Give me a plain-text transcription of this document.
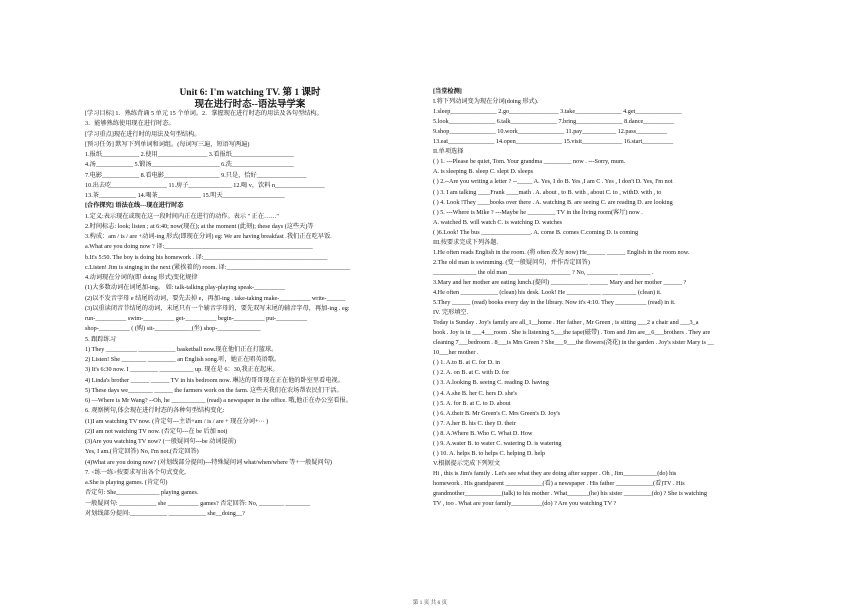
Unit 6: I'm watching TV. 第 1 课时
现在进行时态--语法导学案
[学习目标] 1．熟练背诵 5 单元 15 个单词。2．掌握现在进行时态的用法及各句型结构。
3．能够熟练使用现在进行时态。
[学习重点]现在进行时的用法及句型结构。
[预习任务] 默写下列单词和词组。(每词写三遍，短语写两遍)
1.报纸____________ 2.使用________________ 3.看报纸____________________
4.汤____________ 5.锻汤______________________ 6.洗____________________
7.电影____________ 8.看电影__________________ 9.只是，恰好________________
10.出去吃__________________ 11.房子______________ 12.喝 v，饮料 n________________
13.茶____________ 14.喝茶______________ 15.明天____________________
[合作探究] 语法在线---现在进行时态
1.定义:表示现在或现在这一段时间内正在进行的动作。表示 " 正在……"
2.时间标志: look; listen ; at 6:40; now(现在); at the moment (此刻); these days (这些天)等
3.构成：am / is / are +动词-ing 形式(即现在分词) eg: We are having breakfast .我们正在吃早饭.
a.What are you doing now ? 译:________________________________________________
b.It's 5:50. The boy is doing his homework . 译:________________________________________
c.Listen! Jim is singing in the next (紧挨着的) room. 译:________________________________________
4.动词现在分词的(即 doing 形式)变化规律
(1)大多数动词在词尾加-ing。 如: talk-talking play-playing speak-__________
(2)以不发音字母 e 结尾的动词，要先去掉 e，再加-ing . take-taking make-__________ write-______
(3)以重读闭音节结尾的动词，末尾只有一个辅音字母的，要先双写末尾的辅音字母，再加-ing . eg:
run-__________ swim-__________ get-__________ begin-__________ put-__________
shop-__________ ( (购) sit-____________(坐) shop-______________
5. 跟踪练习
1) They __________ ____________ basketball now.现在他们正在打篮球。
2) Listen! She ________ _________ an English song.听，她正在唱英语歌。
3) It's 6:30 now. I _________ ___________ up. 现在是 6：30,我正在起床。
4) Linda's brother ______ ______ TV in his bedroom now. 琳达的哥哥现在正在他的卧室里看电视。
5) These days we________ ______ the farmers work on the farm. 这些天我们在农场帮农民们干活。
6) —Where is Mr Wang? --Oh, he ___________ (read) a newspaper in the office. 哦,他正在办公室看报。
6. 观察例句,体会现在进行时态的各种句型结构变化:
(1)I am watching TV now. (肯定句---主语+am / is / are + 现在分词+··· )
(2)I am not watching TV now. (否定句---在 be 后加 not)
(3)Are you watching TV now? (一般疑问句---be 动词提前)
Yes, I am.(肯定回答) No, I'm not.(否定回答)
(4)What are you doing now? (对划线部分提问)---特殊疑问词 what/when/where 等+一般疑问句)
7. <练一练>按要求写出各个句式变化.
a.She is playing games. (肯定句)
否定句: She______________ playing games.
一般疑问句: ____________ she __________ games? 否定回答: No, ________ ________
对划线部分提问:____________ ____________ she__doing__?
[当堂检测]
I.将下列动词变为现在分词(doing 形式).
1.sleep_______________ 2.go________________ 3.take_______________ 4.get_______________
5.look_______________ 6.talk_______________ 7.bring_______________ 8.dance__________
9.shop_______________ 10.work_______________ 11.pay___________ 12.pass__________
13.eat_______________ 14.open_______________ 15.visit_____________ 16.start__________
II.单项选择
( ) 1. ---Please be quiet, Tom. Your grandma _________ now . ---Sorry, mum.
A. is sleeping B. sleep C. slept D. sleeps
( ) 2.--Are you writing a letter ? --_____ A. Yes, I do B. Yes ,I am C . Yes , I don't D. Yes, I'm not
( ) 3. I am talking ____Frank ____math . A. about , to B. with , about C. to , withD. with , to
( ) 4. Look !They ____books over there . A. watching B. are seeing C. are reading D. are looking
( ) 5. ---Where is Mike ? ---Maybe he _________ TV in the living room(客厅) now .
A. watched B. will watch C. is watching D. watches
( )6.Look! The bus ________________. A. come B. comes C.coming D. is coming
III.按要求完成下列各题.
1.He often reads English in the room. (将 often 改为 now) He______ ______ English in the room now.
2.The old man is swimming. (变一般疑问句，并作否定回答)
______________ the old man ____________________ ? No, __________ __________ .
3.Mary and her mother are eating lunch.(提问) ____________ ______ Mary and her mother ______ ?
4.He often ____________ (clean) his desk. Look! He ___________ ___________ (clean) it.
5.They ______ (read) books every day in the library. Now it's 4:10. They __________ (read) in it.
IV. 完形填空.
Today is Sunday . Joy's family are all_1__home . Her father , Mr Green , is sitting ___2 a chair and ___3_a
book . Joy is in ___4___room . She is listening 5___the tape(磁带) . Tom and Jim are__6___brothers . They are
cleaning 7___bedroom . 8___is Mrs Green ? She___9___the flowers(浇花) in the garden . Joy's sister Mary is __
10___her mother .
( ) 1. A.to B. at C. for D. in
( ) 2. A. on B. at C. with D. for
( ) 3. A.looking B. seeing C. reading D. having
( ) 4. A.she B. her C. hers D. she's
( ) 5. A. for B. at C. to D. about
( ) 6. A.their B. Mr Green's C. Mrs Green's D. Joy's
( ) 7. A.her B. his C. they D. their
( ) 8. A.Where B. Who C. What D. How
( ) 9. A.water B. to water C. watering D. is watering
( ) 10. A. helps B. to helps C. helping D. help
V.根据提示完成下列短文
Hi , this is Jim's family . Let's see what they are doing after supper . Oh , Jim___________(do) his
homework . His grandparent ____________(看) a newspaper . His father ____________(看)TV . His
grandmother____________(talk) to his mother . What_______(he) his sister _________(do) ? She is watching
TV , too . What are your family__________(do) ? Are you watching TV ?
第 1 页 共 6 页
